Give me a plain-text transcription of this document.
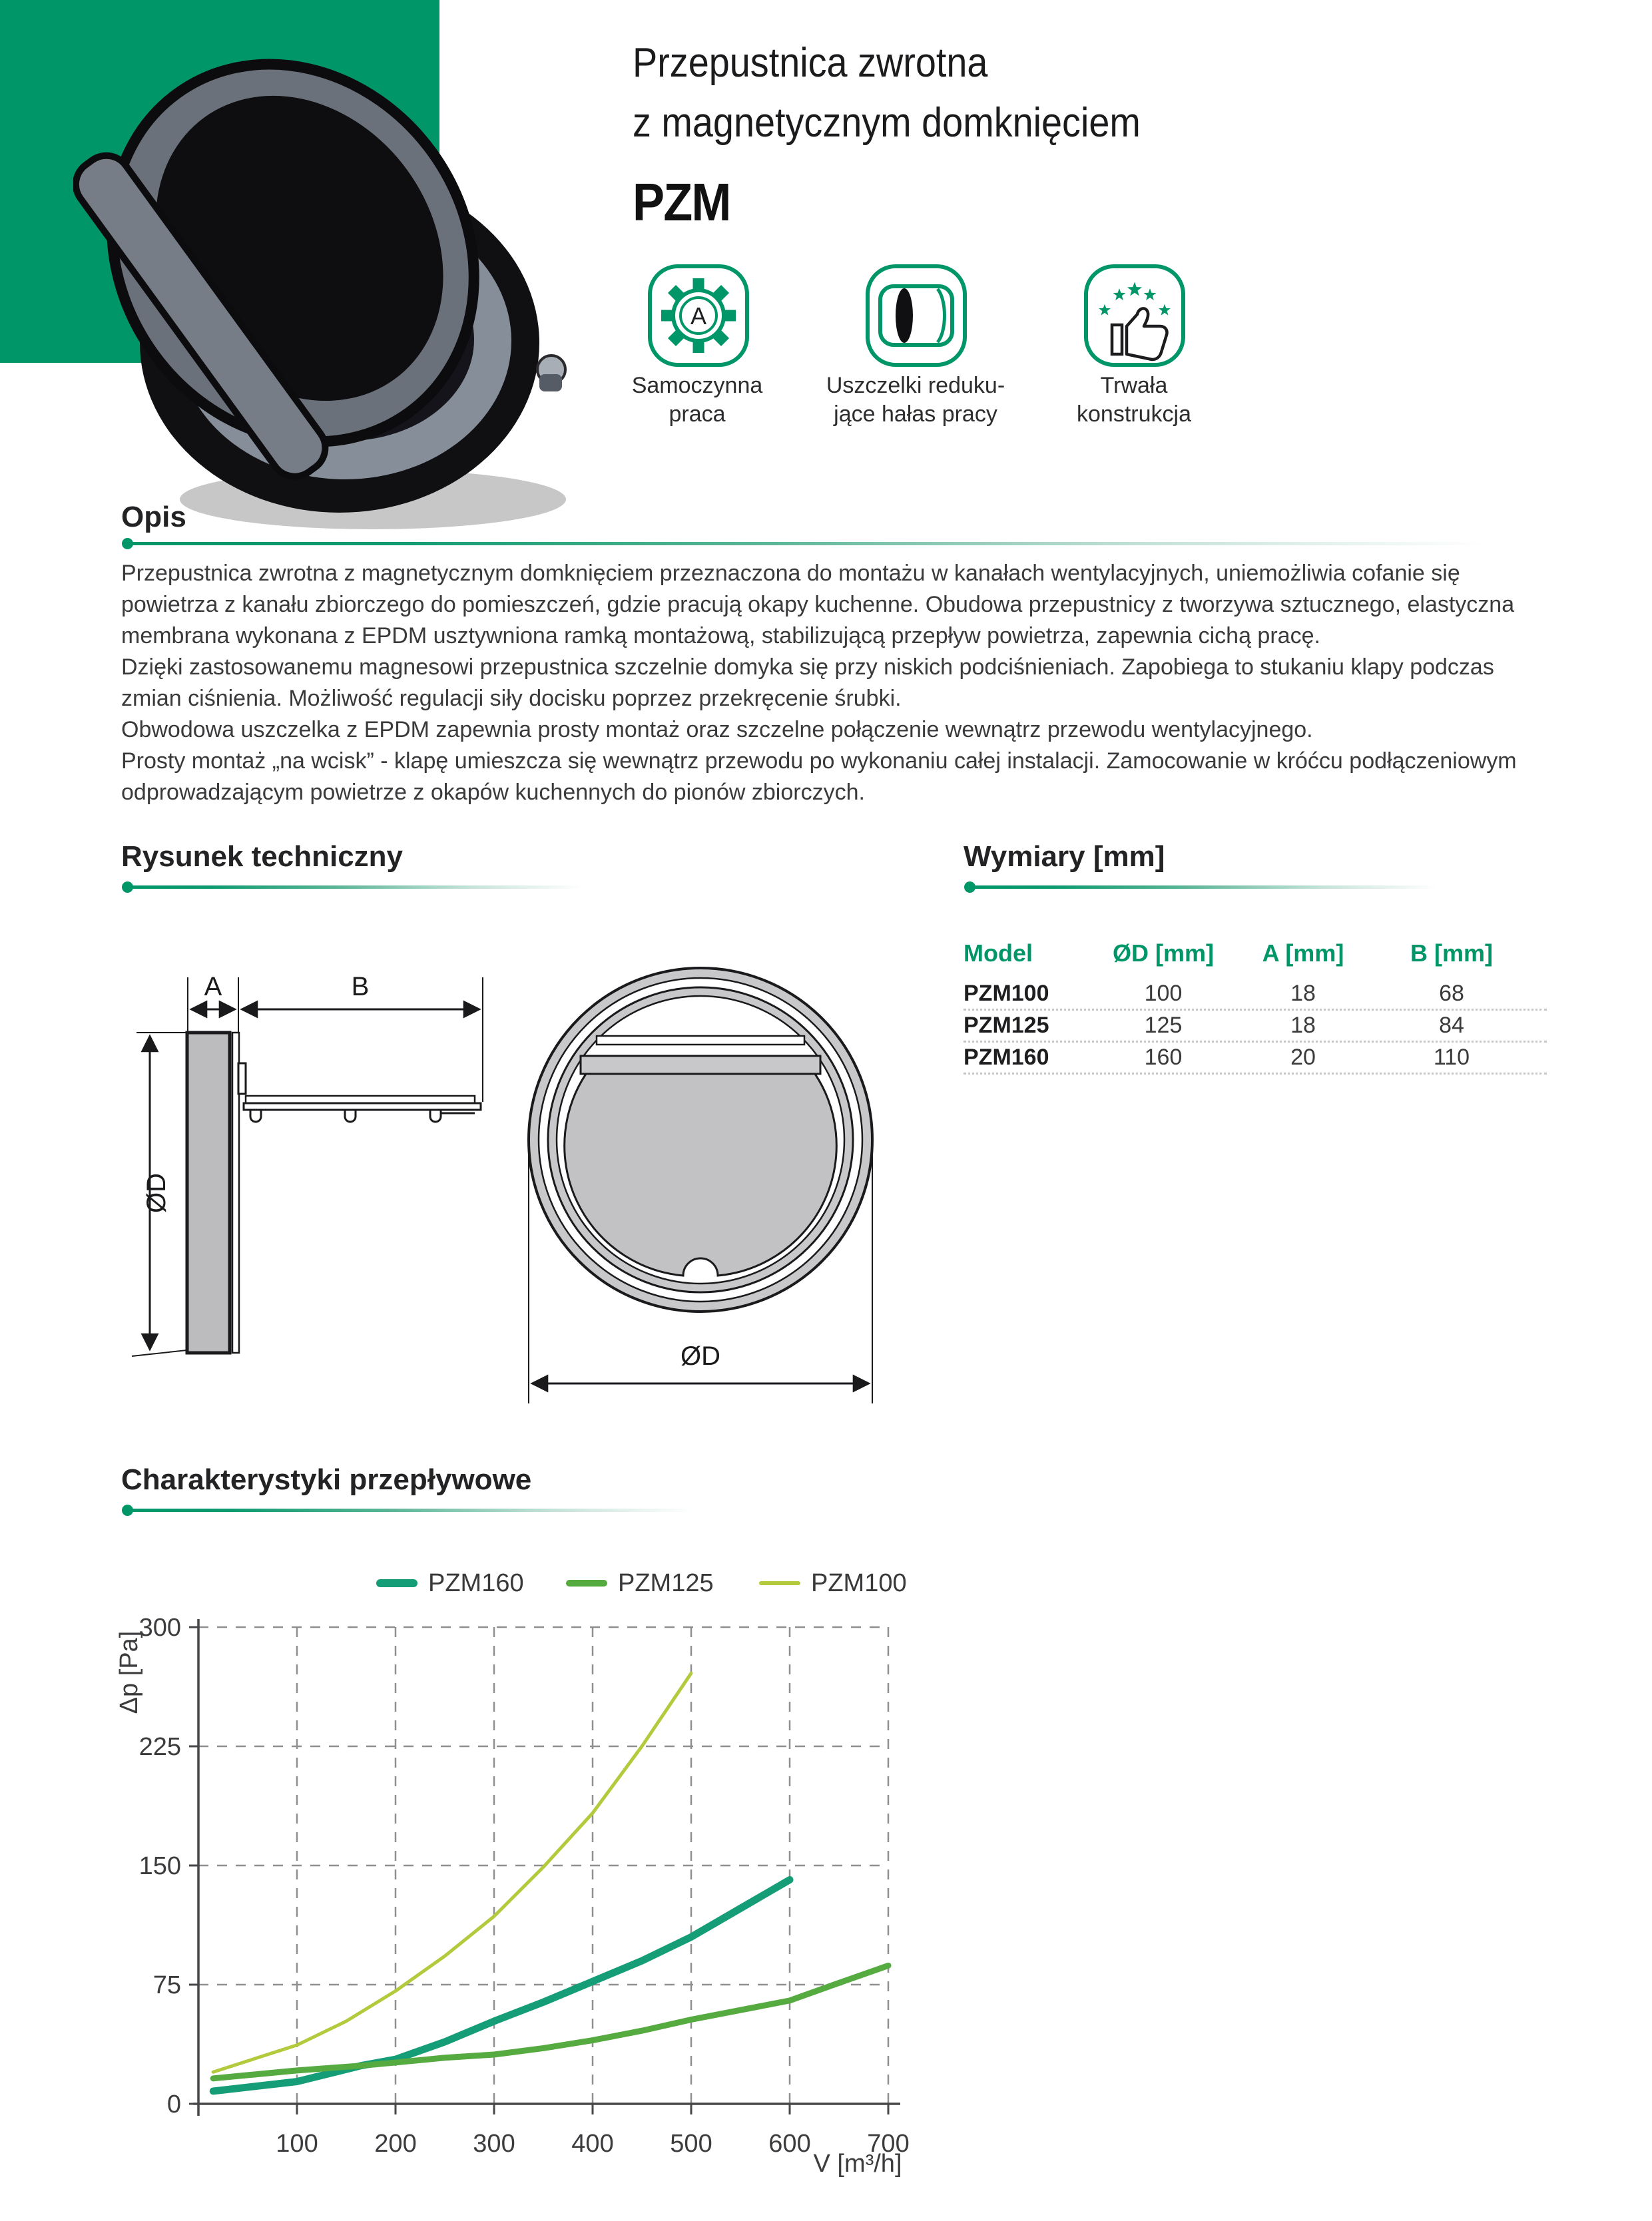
Przepustnica zwrotna
z magnetycznym domknięciem
PZM
A
Samoczynna
praca
Uszczelki reduku-
jące hałas pracy
Trwała
konstrukcja
Opis

Przepustnica zwrotna z magnetycznym domknięciem przeznaczona do montażu w kanałach wentylacyjnych, uniemożliwia cofanie się powietrza z kanału zbiorczego do pomieszczeń, gdzie pracują okapy kuchenne. Obudowa przepustnicy z tworzywa sztucznego, elastyczna membrana wykonana z EPDM usztywniona ramką montażową, stabilizującą przepływ powietrza, zapewnia cichą pracę.

Dzięki zastosowanemu magnesowi przepustnica szczelnie domyka się przy niskich podciśnieniach. Zapobiega to stukaniu klapy podczas zmian ciśnienia. Możliwość regulacji siły docisku poprzez przekręcenie śrubki.

Obwodowa uszczelka z EPDM zapewnia prosty montaż oraz szczelne połączenie wewnątrz przewodu wentylacyjnego.

Prosty montaż „na wcisk” - klapę umieszcza się wewnątrz przewodu po wykonaniu całej instalacji. Zamocowanie w króćcu podłączeniowym odprowadzającym powietrze z okapów kuchennych do pionów zbiorczych.

Rysunek techniczny
A	B
ØD
ØD
Wymiary [mm]
Model	ØD [mm]	A [mm]	B [mm]
PZM100	100	18	68
PZM125	125	18	84
PZM160	160	20	110
Charakterystyki przepływowe
PZM160	PZM125	PZM100
0
75
150
225
300
100 200 300 400 500 600 700
Δp [Pa]
V [m³/h]
